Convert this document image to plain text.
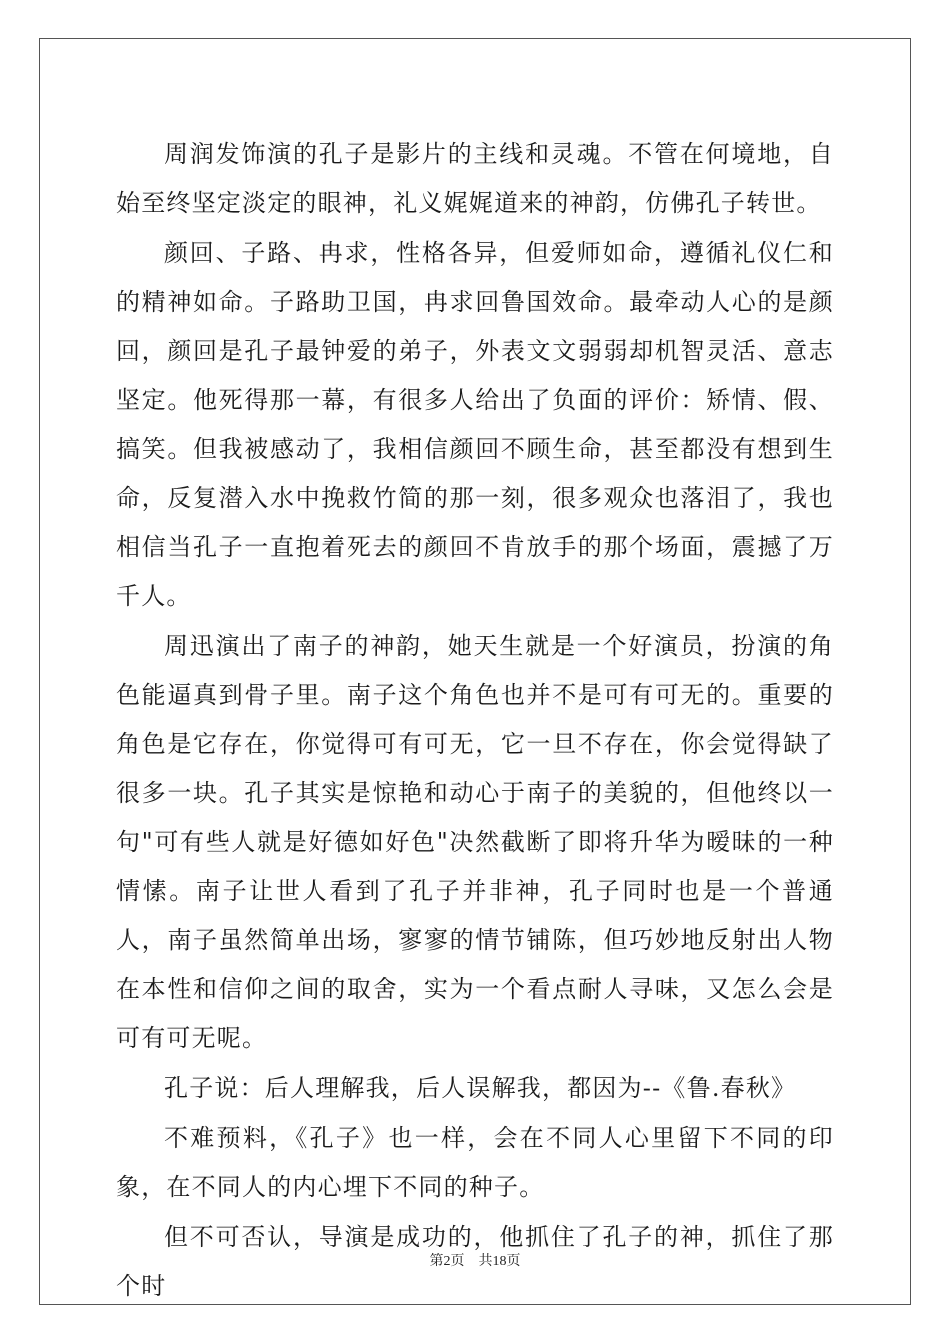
周润发饰演的孔子是影片的主线和灵魂。不管在何境地，自始至终坚定淡定的眼神，礼义娓娓道来的神韵，仿佛孔子转世。

颜回、子路、冉求，性格各异，但爱师如命，遵循礼仪仁和的精神如命。子路助卫国，冉求回鲁国效命。最牵动人心的是颜回，颜回是孔子最钟爱的弟子，外表文文弱弱却机智灵活、意志坚定。他死得那一幕，有很多人给出了负面的评价：矫情、假、搞笑。但我被感动了，我相信颜回不顾生命，甚至都没有想到生命，反复潜入水中挽救竹简的那一刻，很多观众也落泪了，我也相信当孔子一直抱着死去的颜回不肯放手的那个场面，震撼了万千人。

周迅演出了南子的神韵，她天生就是一个好演员，扮演的角色能逼真到骨子里。南子这个角色也并不是可有可无的。重要的角色是它存在，你觉得可有可无，它一旦不存在，你会觉得缺了很多一块。孔子其实是惊艳和动心于南子的美貌的，但他终以一句"可有些人就是好德如好色"决然截断了即将升华为暧昧的一种情愫。南子让世人看到了孔子并非神，孔子同时也是一个普通人，南子虽然简单出场，寥寥的情节铺陈，但巧妙地反射出人物在本性和信仰之间的取舍，实为一个看点耐人寻味，又怎么会是可有可无呢。

孔子说：后人理解我，后人误解我，都因为--《鲁.春秋》

不难预料，《孔子》也一样，会在不同人心里留下不同的印象，在不同人的内心埋下不同的种子。

但不可否认，导演是成功的，他抓住了孔子的神，抓住了那个时

第2页 共18页
